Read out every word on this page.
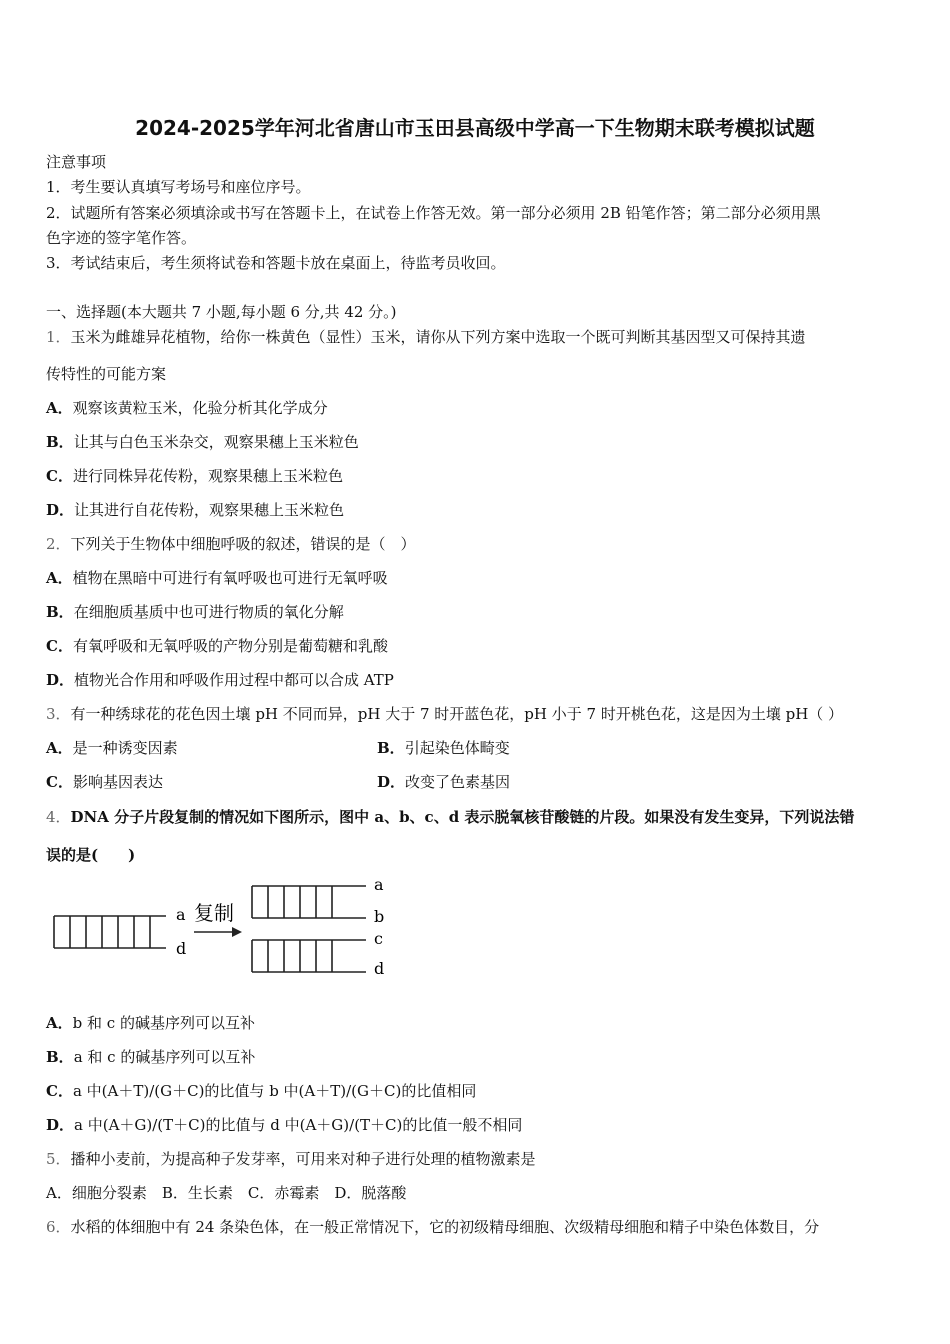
2024-2025学年河北省唐山市玉田县高级中学高一下生物期末联考模拟试题
注意事项
1．考生要认真填写考场号和座位序号。
2．试题所有答案必须填涂或书写在答题卡上，在试卷上作答无效。第一部分必须用 2B 铅笔作答；第二部分必须用黑
色字迹的签字笔作答。
3．考试结束后，考生须将试卷和答题卡放在桌面上，待监考员收回。
一、选择题(本大题共 7 小题,每小题 6 分,共 42 分。)
1．玉米为雌雄异花植物，给你一株黄色（显性）玉米，请你从下列方案中选取一个既可判断其基因型又可保持其遗
传特性的可能方案
A．观察该黄粒玉米，化验分析其化学成分
B．让其与白色玉米杂交，观察果穗上玉米粒色
C．进行同株异花传粉，观察果穗上玉米粒色
D．让其进行自花传粉，观察果穗上玉米粒色
2．下列关于生物体中细胞呼吸的叙述，错误的是（　）
A．植物在黑暗中可进行有氧呼吸也可进行无氧呼吸
B．在细胞质基质中也可进行物质的氧化分解
C．有氧呼吸和无氧呼吸的产物分别是葡萄糖和乳酸
D．植物光合作用和呼吸作用过程中都可以合成 ATP
3．有一种绣球花的花色因土壤 pH 不同而异，pH 大于 7 时开蓝色花，pH 小于 7 时开桃色花，这是因为土壤 pH（ ）
A．是一种诱变因素	B．引起染色体畸变
C．影响基因表达	D．改变了色素基因
4．DNA 分子片段复制的情况如下图所示，图中 a、b、c、d 表示脱氧核苷酸链的片段。如果没有发生变异，下列说法错
误的是(　　)
a
d
复制
a
b
c
d
A．b 和 c 的碱基序列可以互补
B．a 和 c 的碱基序列可以互补
C．a 中(A＋T)/(G＋C)的比值与 b 中(A＋T)/(G＋C)的比值相同
D．a 中(A＋G)/(T＋C)的比值与 d 中(A＋G)/(T＋C)的比值一般不相同
5．播种小麦前，为提高种子发芽率，可用来对种子进行处理的植物激素是
A．细胞分裂素　B．生长素　C．赤霉素　D．脱落酸
6．水稻的体细胞中有 24 条染色体，在一般正常情况下，它的初级精母细胞、次级精母细胞和精子中染色体数目，分
